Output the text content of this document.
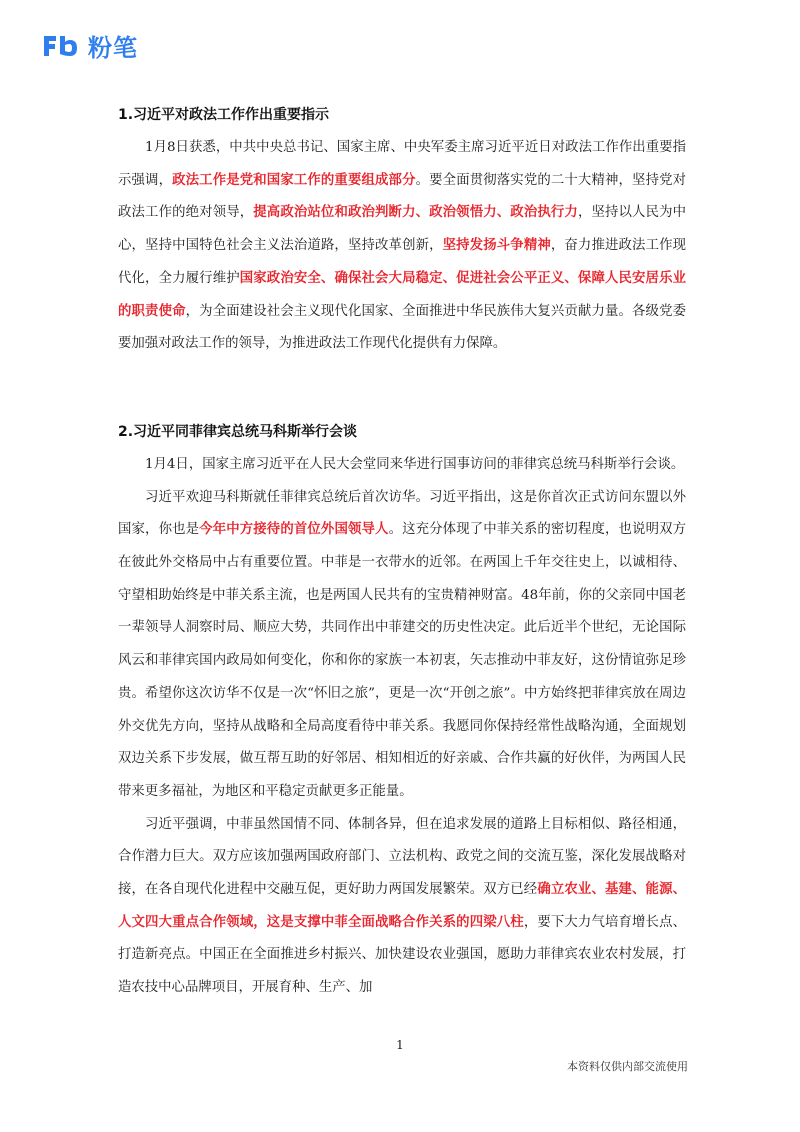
粉笔
1.习近平对政法工作作出重要指示

1月8日获悉，中共中央总书记、国家主席、中央军委主席习近平近日对政法工作作出重要指示强调，政法工作是党和国家工作的重要组成部分。要全面贯彻落实党的二十大精神，坚持党对政法工作的绝对领导，提高政治站位和政治判断力、政治领悟力、政治执行力，坚持以人民为中心，坚持中国特色社会主义法治道路，坚持改革创新，坚持发扬斗争精神，奋力推进政法工作现代化，全力履行维护国家政治安全、确保社会大局稳定、促进社会公平正义、保障人民安居乐业的职责使命，为全面建设社会主义现代化国家、全面推进中华民族伟大复兴贡献力量。各级党委要加强对政法工作的领导，为推进政法工作现代化提供有力保障。

2.习近平同菲律宾总统马科斯举行会谈

1月4日，国家主席习近平在人民大会堂同来华进行国事访问的菲律宾总统马科斯举行会谈。

习近平欢迎马科斯就任菲律宾总统后首次访华。习近平指出，这是你首次正式访问东盟以外国家，你也是今年中方接待的首位外国领导人。这充分体现了中菲关系的密切程度，也说明双方在彼此外交格局中占有重要位置。中菲是一衣带水的近邻。在两国上千年交往史上，以诚相待、守望相助始终是中菲关系主流，也是两国人民共有的宝贵精神财富。48年前，你的父亲同中国老一辈领导人洞察时局、顺应大势，共同作出中菲建交的历史性决定。此后近半个世纪，无论国际风云和菲律宾国内政局如何变化，你和你的家族一本初衷，矢志推动中菲友好，这份情谊弥足珍贵。希望你这次访华不仅是一次“怀旧之旅”，更是一次“开创之旅”。中方始终把菲律宾放在周边外交优先方向，坚持从战略和全局高度看待中菲关系。我愿同你保持经常性战略沟通，全面规划双边关系下步发展，做互帮互助的好邻居、相知相近的好亲戚、合作共赢的好伙伴，为两国人民带来更多福祉，为地区和平稳定贡献更多正能量。

习近平强调，中菲虽然国情不同、体制各异，但在追求发展的道路上目标相似、路径相通，合作潜力巨大。双方应该加强两国政府部门、立法机构、政党之间的交流互鉴，深化发展战略对接，在各自现代化进程中交融互促，更好助力两国发展繁荣。双方已经确立农业、基建、能源、人文四大重点合作领域，这是支撑中菲全面战略合作关系的四梁八柱，要下大力气培育增长点、打造新亮点。中国正在全面推进乡村振兴、加快建设农业强国，愿助力菲律宾农业农村发展，打造农技中心品牌项目，开展育种、生产、加

1
本资料仅供内部交流使用
